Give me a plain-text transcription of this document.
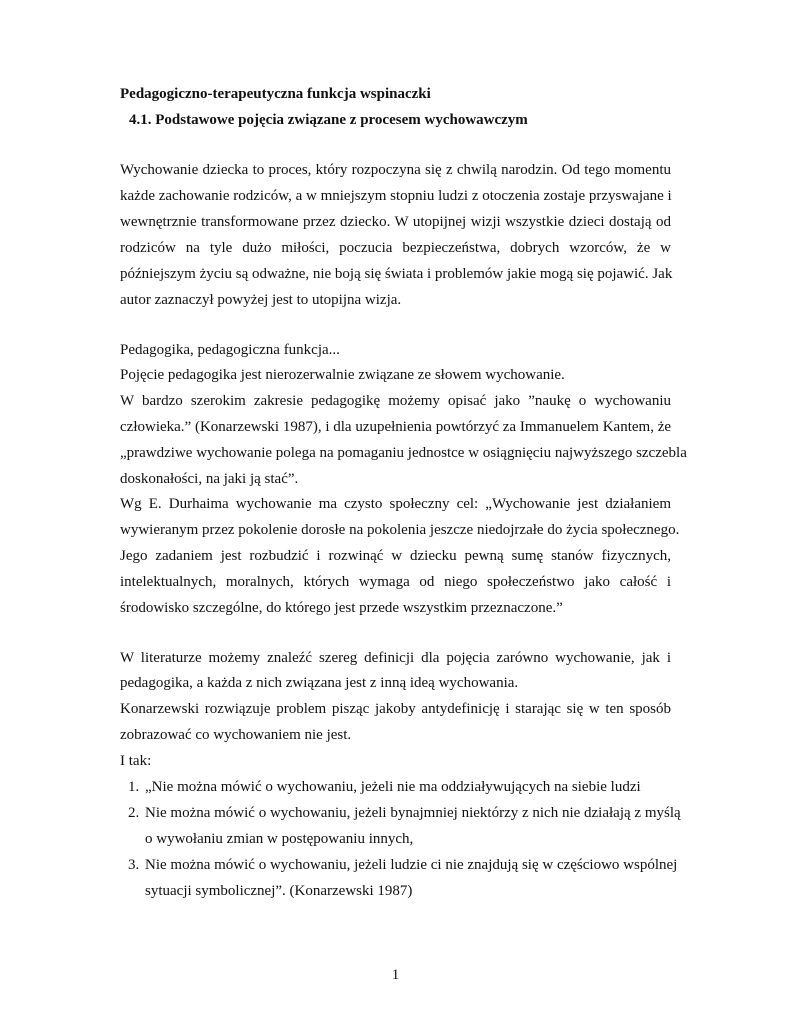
Pedagogiczno-terapeutyczna funkcja wspinaczki
4.1. Podstawowe pojęcia związane z procesem wychowawczym
Wychowanie dziecka to proces, który rozpoczyna się z chwilą narodzin. Od tego momentu
każde zachowanie rodziców, a w mniejszym stopniu ludzi z otoczenia zostaje przyswajane i
wewnętrznie transformowane przez dziecko. W utopijnej wizji wszystkie dzieci dostają od
rodziców na tyle dużo miłości, poczucia bezpieczeństwa, dobrych wzorców, że w
późniejszym życiu są odważne, nie boją się świata i problemów jakie mogą się pojawić. Jak
autor zaznaczył powyżej jest to utopijna wizja.
Pedagogika, pedagogiczna funkcja...
Pojęcie pedagogika jest nierozerwalnie związane ze słowem wychowanie.
W bardzo szerokim zakresie pedagogikę możemy opisać jako ”naukę o wychowaniu
człowieka.” (Konarzewski 1987), i dla uzupełnienia powtórzyć za Immanuelem Kantem, że
„prawdziwe wychowanie polega na pomaganiu jednostce w osiągnięciu najwyższego szczebla
doskonałości, na jaki ją stać”.
Wg E. Durhaima wychowanie ma czysto społeczny cel: „Wychowanie jest działaniem
wywieranym przez pokolenie dorosłe na pokolenia jeszcze niedojrzałe do życia społecznego.
Jego zadaniem jest rozbudzić i rozwinąć w dziecku pewną sumę stanów fizycznych,
intelektualnych, moralnych, których wymaga od niego społeczeństwo jako całość i
środowisko szczególne, do którego jest przede wszystkim przeznaczone.”
W literaturze możemy znaleźć szereg definicji dla pojęcia zarówno wychowanie, jak i
pedagogika, a każda z nich związana jest z inną ideą wychowania.
Konarzewski rozwiązuje problem pisząc jakoby antydefinicję i starając się w ten sposób
zobrazować co wychowaniem nie jest.
I tak:
1. „Nie można mówić o wychowaniu, jeżeli nie ma oddziaływujących na siebie ludzi
2. Nie można mówić o wychowaniu, jeżeli bynajmniej niektórzy z nich nie działają z myślą
o wywołaniu zmian w postępowaniu innych,
3. Nie można mówić o wychowaniu, jeżeli ludzie ci nie znajdują się w częściowo wspólnej
sytuacji symbolicznej”. (Konarzewski 1987)
1
